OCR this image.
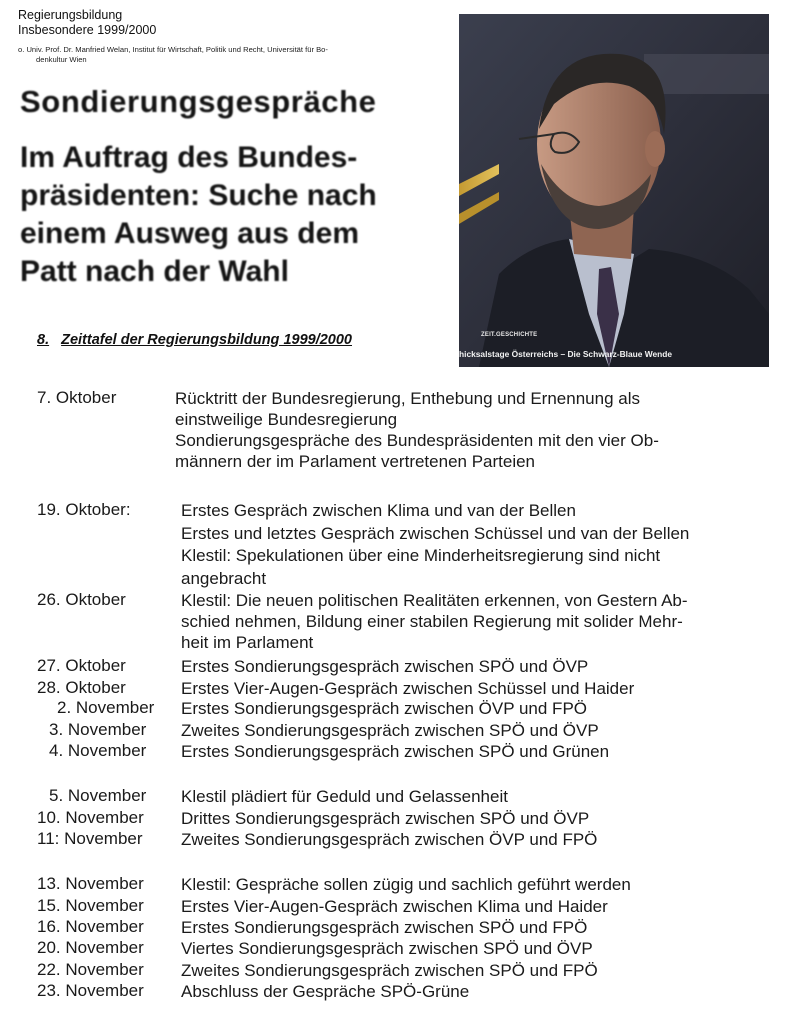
Regierungsbildung
Insbesondere 1999/2000
o. Univ. Prof. Dr. Manfried Welan, Institut für Wirtschaft, Politik und Recht, Universität für Bo-
denkultur Wien
Sondierungsgespräche
Im Auftrag des Bundes-
präsidenten: Suche nach
einem Ausweg aus dem
Patt nach der Wahl
ZEIT.GESCHICHTE
hicksalstage Österreichs – Die Schwarz-Blaue Wende
8. Zeittafel der Regierungsbildung 1999/2000
7. Oktober	Rücktritt der Bundesregierung, Enthebung und Ernennung als
einstweilige Bundesregierung
Sondierungsgespräche des Bundespräsidenten mit den vier Ob-
männern der im Parlament vertretenen Parteien
19. Oktober:	Erstes Gespräch zwischen Klima und van der Bellen
Erstes und letztes Gespräch zwischen Schüssel und van der Bellen
Klestil: Spekulationen über eine Minderheitsregierung sind nicht
angebracht
26. Oktober	Klestil: Die neuen politischen Realitäten erkennen, von Gestern Ab-
schied nehmen, Bildung einer stabilen Regierung mit solider Mehr-
heit im Parlament
27. Oktober	Erstes Sondierungsgespräch zwischen SPÖ und ÖVP
28. Oktober	Erstes Vier-Augen-Gespräch zwischen Schüssel und Haider
2. November Erstes Sondierungsgespräch zwischen ÖVP und FPÖ
3. November Zweites Sondierungsgespräch zwischen SPÖ und ÖVP
4. November Erstes Sondierungsgespräch zwischen SPÖ und Grünen
5. November Klestil plädiert für Geduld und Gelassenheit
10. November Drittes Sondierungsgespräch zwischen SPÖ und ÖVP
11: November Zweites Sondierungsgespräch zwischen ÖVP und FPÖ
13. November Klestil: Gespräche sollen zügig und sachlich geführt werden
15. November Erstes Vier-Augen-Gespräch zwischen Klima und Haider
16. November Erstes Sondierungsgespräch zwischen SPÖ und FPÖ
20. November Viertes Sondierungsgespräch zwischen SPÖ und ÖVP
22. November Zweites Sondierungsgespräch zwischen SPÖ und FPÖ
23. November Abschluss der Gespräche SPÖ-Grüne
